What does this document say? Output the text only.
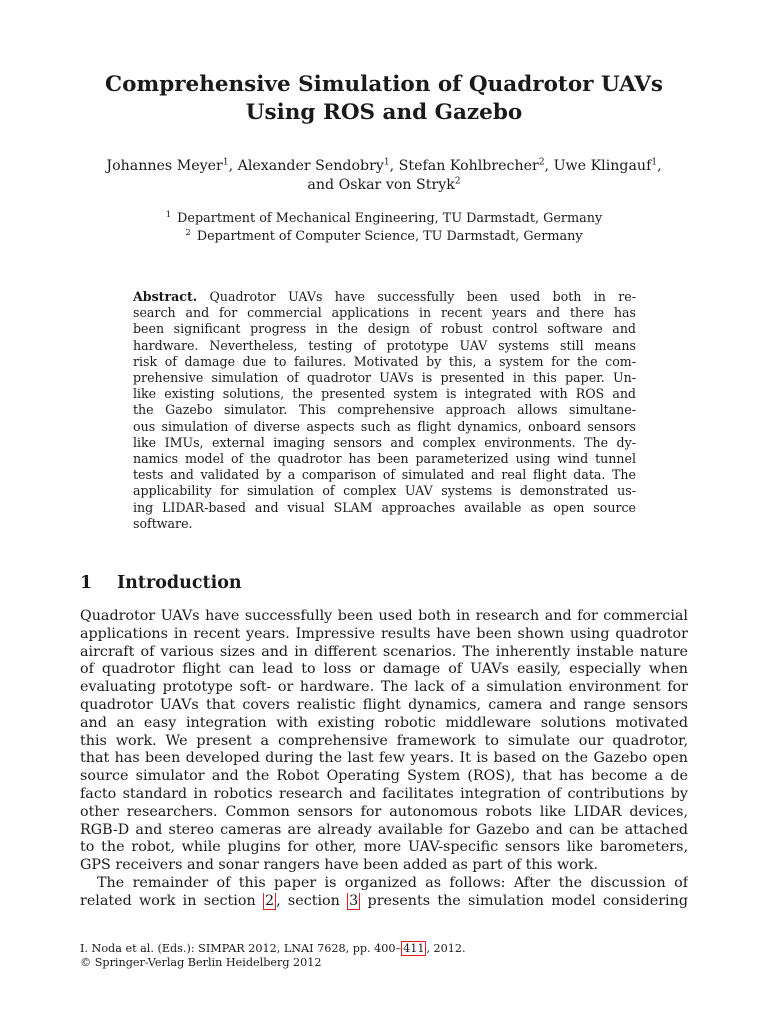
Comprehensive Simulation of Quadrotor UAVs
Using ROS and Gazebo
Johannes Meyer$^1$, Alexander Sendobry$^1$, Stefan Kohlbrecher$^2$, Uwe Klingauf$^1$,
and Oskar von Stryk$^2$
$^1$ Department of Mechanical Engineering, TU Darmstadt, Germany
$^2$ Department of Computer Science, TU Darmstadt, Germany
Abstract. Quadrotor UAVs have successfully been used both in re-
search and for commercial applications in recent years and there has
been significant progress in the design of robust control software and
hardware. Nevertheless, testing of prototype UAV systems still means
risk of damage due to failures. Motivated by this, a system for the com-
prehensive simulation of quadrotor UAVs is presented in this paper. Un-
like existing solutions, the presented system is integrated with ROS and
the Gazebo simulator. This comprehensive approach allows simultane-
ous simulation of diverse aspects such as flight dynamics, onboard sensors
like IMUs, external imaging sensors and complex environments. The dy-
namics model of the quadrotor has been parameterized using wind tunnel
tests and validated by a comparison of simulated and real flight data. The
applicability for simulation of complex UAV systems is demonstrated us-
ing LIDAR-based and visual SLAM approaches available as open source
software.
1 Introduction
Quadrotor UAVs have successfully been used both in research and for commercial
applications in recent years. Impressive results have been shown using quadrotor
aircraft of various sizes and in different scenarios. The inherently instable nature
of quadrotor flight can lead to loss or damage of UAVs easily, especially when
evaluating prototype soft- or hardware. The lack of a simulation environment for
quadrotor UAVs that covers realistic flight dynamics, camera and range sensors
and an easy integration with existing robotic middleware solutions motivated
this work. We present a comprehensive framework to simulate our quadrotor,
that has been developed during the last few years. It is based on the Gazebo open
source simulator and the Robot Operating System (ROS), that has become a de
facto standard in robotics research and facilitates integration of contributions by
other researchers. Common sensors for autonomous robots like LIDAR devices,
RGB-D and stereo cameras are already available for Gazebo and can be attached
to the robot, while plugins for other, more UAV-specific sensors like barometers,
GPS receivers and sonar rangers have been added as part of this work.
The remainder of this paper is organized as follows: After the discussion of
related work in section 2 , section 3 presents the simulation model considering
I. Noda et al. (Eds.): SIMPAR 2012, LNAI 7628, pp. 400– 411 , 2012.
© Springer-Verlag Berlin Heidelberg 2012
